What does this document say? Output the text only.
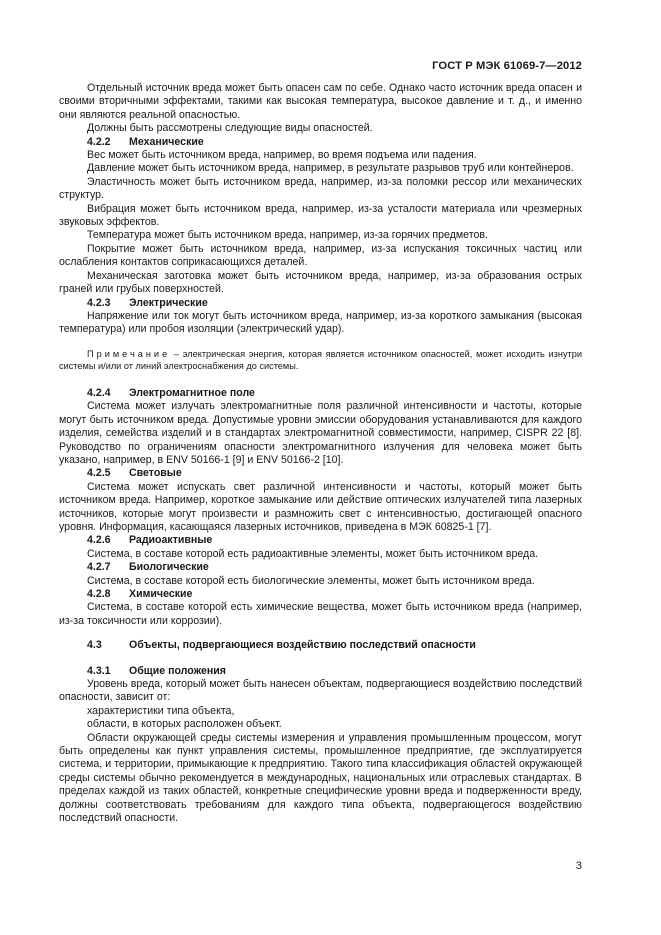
ГОСТ Р МЭК 61069-7—2012

Отдельный источник вреда может быть опасен сам по себе. Однако часто источник вреда опасен и своими вторичными эффектами, такими как высокая температура, высокое давление и т. д., и именно они являются реальной опасностью.

Должны быть рассмотрены следующие виды опасностей.

4.2.2 Механические

Вес может быть источником вреда, например, во время подъема или падения.

Давление может быть источником вреда, например, в результате разрывов труб или контейнеров.

Эластичность может быть источником вреда, например, из-за поломки рессор или механических структур.

Вибрация может быть источником вреда, например, из-за усталости материала или чрезмерных звуковых эффектов.

Температура может быть источником вреда, например, из-за горячих предметов.

Покрытие может быть источником вреда, например, из-за испускания токсичных частиц или ослабления контактов соприкасающихся деталей.

Механическая заготовка может быть источником вреда, например, из-за образования острых граней или грубых поверхностей.

4.2.3 Электрические

Напряжение или ток могут быть источником вреда, например, из-за короткого замыкания (высокая температура) или пробоя изоляции (электрический удар).

Примечание – электрическая энергия, которая является источником опасностей, может исходить изнутри системы и/или от линий электроснабжения до системы.
4.2.4 Электромагнитное поле

Система может излучать электромагнитные поля различной интенсивности и частоты, которые могут быть источником вреда. Допустимые уровни эмиссии оборудования устанавливаются для каждого изделия, семейства изделий и в стандартах электромагнитной совместимости, например, CISPR 22 [8]. Руководство по ограничениям опасности электромагнитного излучения для человека может быть указано, например, в ENV 50166-1 [9] и ENV 50166-2 [10].

4.2.5 Световые

Система может испускать свет различной интенсивности и частоты, который может быть источником вреда. Например, короткое замыкание или действие оптических излучателей типа лазерных источников, которые могут произвести и размножить свет с интенсивностью, достигающей опасного уровня. Информация, касающаяся лазерных источников, приведена в МЭК 60825-1 [7].

4.2.6 Радиоактивные

Система, в составе которой есть радиоактивные элементы, может быть источником вреда.

4.2.7 Биологические

Система, в составе которой есть биологические элементы, может быть источником вреда.

4.2.8 Химические

Система, в составе которой есть химические вещества, может быть источником вреда (например, из-за токсичности или коррозии).

4.3	Объекты, подвергающиеся воздействию последствий опасности
4.3.1 Общие положения

Уровень вреда, который может быть нанесен объектам, подвергающиеся воздействию последствий опасности, зависит от:

характеристики типа объекта,

области, в которых расположен объект.

Области окружающей среды системы измерения и управления промышленным процессом, могут быть определены как пункт управления системы, промышленное предприятие, где эксплуатируется система, и территории, примыкающие к предприятию. Такого типа классификация областей окружающей среды системы обычно рекомендуется в международных, национальных или отраслевых стандартах. В пределах каждой из таких областей, конкретные специфические уровни вреда и подверженности вреду, должны соответствовать требованиям для каждого типа объекта, подвергающегося воздействию последствий опасности.

3
